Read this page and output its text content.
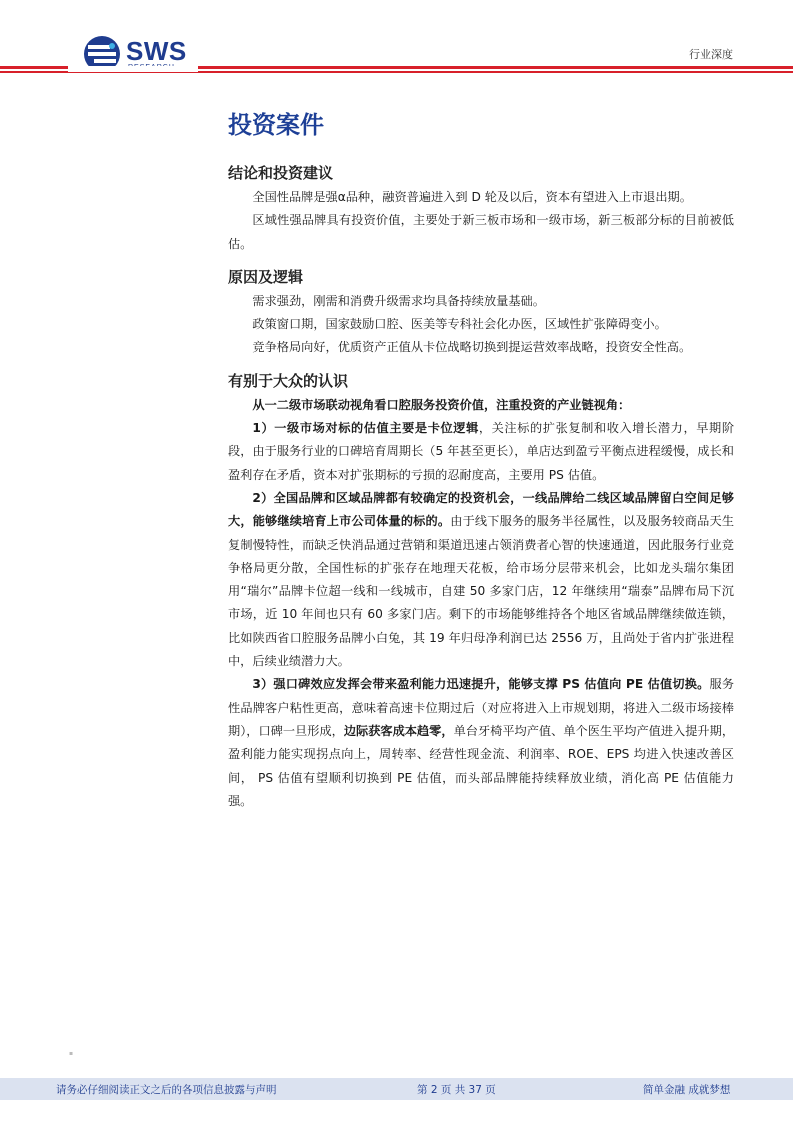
SWS	行业深度
投资案件
结论和投资建议

全国性品牌是强α品种，融资普遍进入到 D 轮及以后，资本有望进入上市退出期。

区域性强品牌具有投资价值，主要处于新三板市场和一级市场，新三板部分标的目前被低估。

原因及逻辑

需求强劲，刚需和消费升级需求均具备持续放量基础。

政策窗口期，国家鼓励口腔、医美等专科社会化办医，区域性扩张障碍变小。

竞争格局向好，优质资产正值从卡位战略切换到提运营效率战略，投资安全性高。

有别于大众的认识

从一二级市场联动视角看口腔服务投资价值，注重投资的产业链视角：

1）一级市场对标的估值主要是卡位逻辑，关注标的扩张复制和收入增长潜力，早期阶段，由于服务行业的口碑培育周期长（5 年甚至更长），单店达到盈亏平衡点进程缓慢，成长和盈利存在矛盾，资本对扩张期标的亏损的忍耐度高，主要用 PS 估值。

2）全国品牌和区域品牌都有较确定的投资机会，一线品牌给二线区域品牌留白空间足够大，能够继续培育上市公司体量的标的。由于线下服务的服务半径属性，以及服务较商品天生复制慢特性，而缺乏快消品通过营销和渠道迅速占领消费者心智的快速通道，因此服务行业竞争格局更分散，全国性标的扩张存在地理天花板，给市场分层带来机会，比如龙头瑞尔集团用“瑞尔”品牌卡位超一线和一线城市，自建 50 多家门店，12 年继续用“瑞泰”品牌布局下沉市场，近 10 年间也只有 60 多家门店。剩下的市场能够维持各个地区省域品牌继续做连锁，比如陕西省口腔服务品牌小白兔，其 19 年归母净利润已达 2556 万，且尚处于省内扩张进程中，后续业绩潜力大。

3）强口碑效应发挥会带来盈利能力迅速提升，能够支撑 PS 估值向 PE 估值切换。服务性品牌客户粘性更高，意味着高速卡位期过后（对应将进入上市规划期，将进入二级市场接棒期），口碑一旦形成，边际获客成本趋零，单台牙椅平均产值、单个医生平均产值进入提升期，盈利能力能实现拐点向上，周转率、经营性现金流、利润率、ROE、EPS 均进入快速改善区间， PS 估值有望顺利切换到 PE 估值，而头部品牌能持续释放业绩，消化高 PE 估值能力强。

▪
请务必仔细阅读正文之后的各项信息披露与声明	第 2 页 共 37 页	简单金融 成就梦想
